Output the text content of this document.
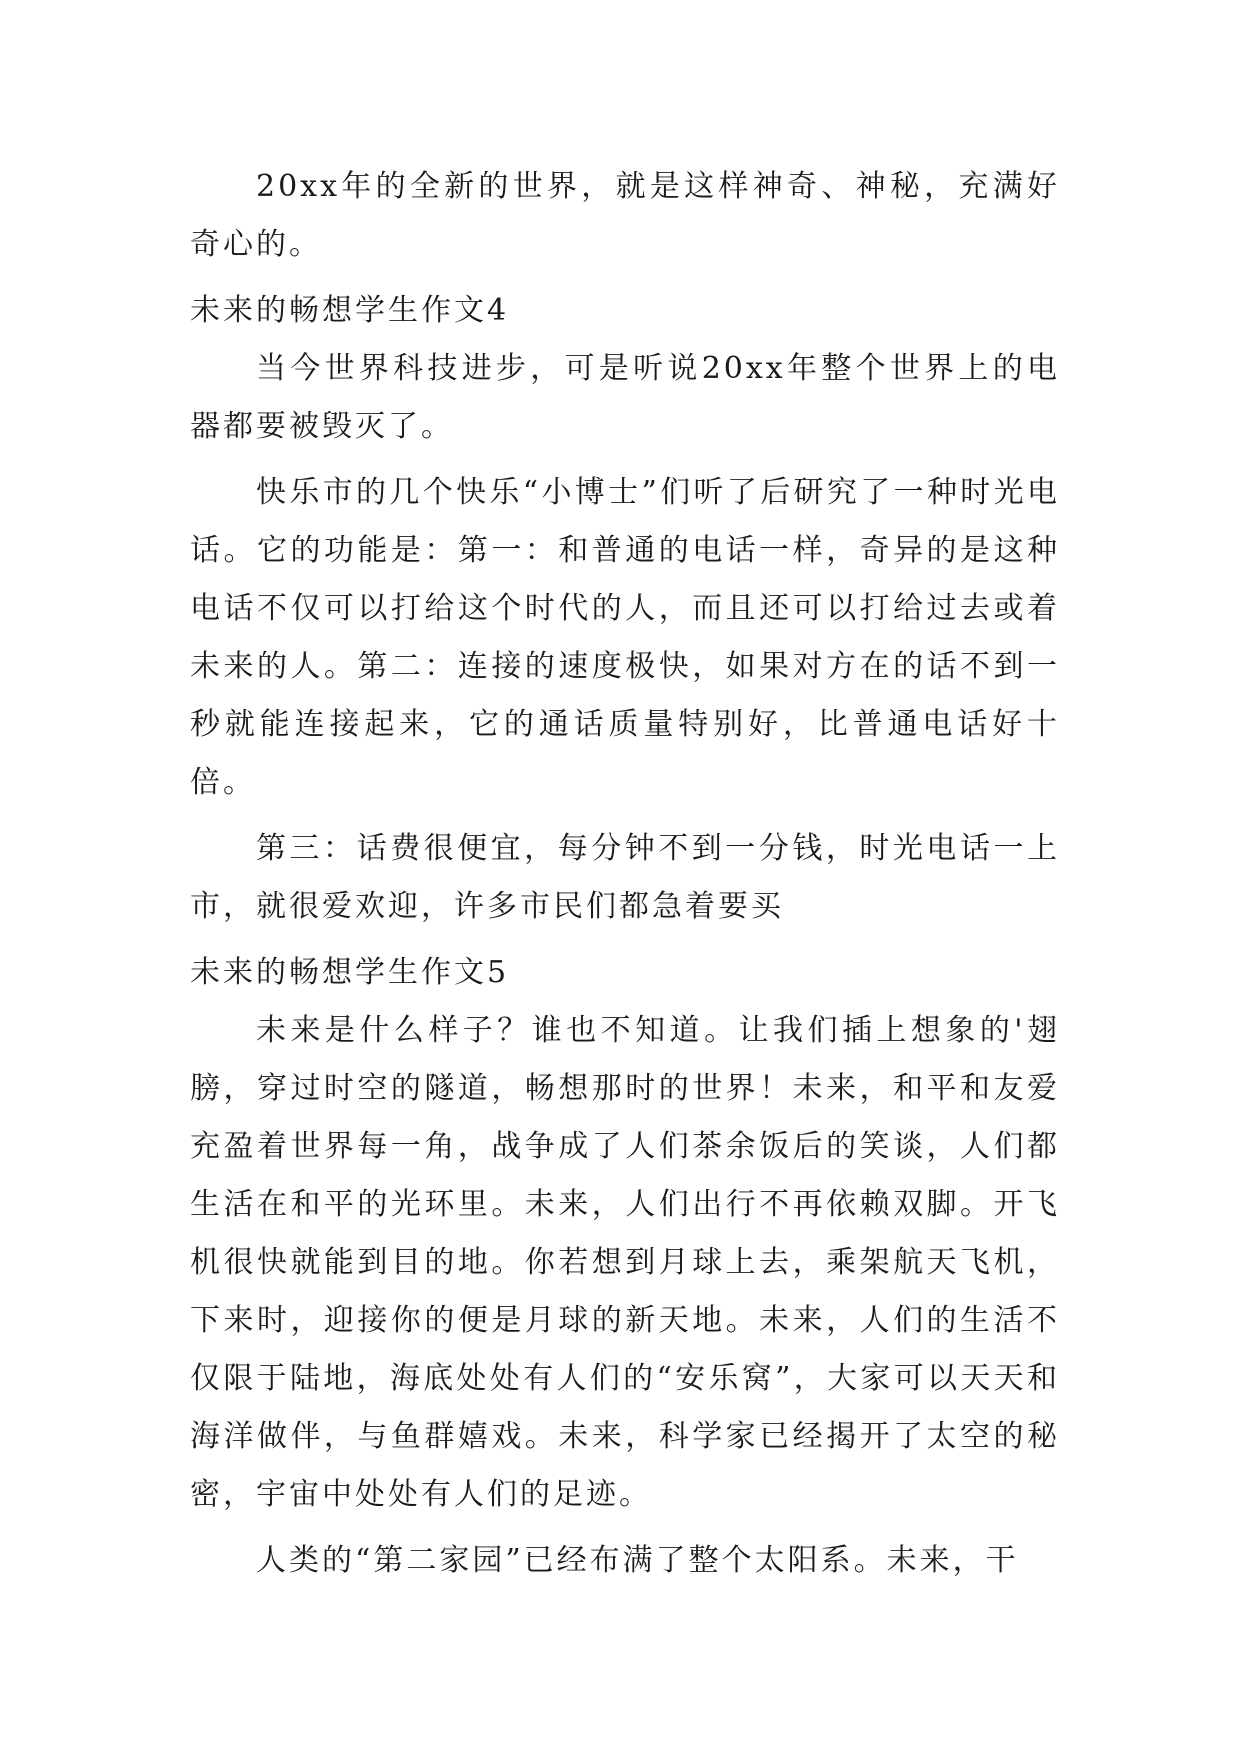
20xx年的全新的世界，就是这样神奇、神秘，充满好奇心的。

未来的畅想学生作文4

当今世界科技进步，可是听说20xx年整个世界上的电器都要被毁灭了。

快乐市的几个快乐“小博士”们听了后研究了一种时光电话。它的功能是：第一：和普通的电话一样，奇异的是这种电话不仅可以打给这个时代的人，而且还可以打给过去或着未来的人。第二：连接的速度极快，如果对方在的话不到一秒就能连接起来，它的通话质量特别好，比普通电话好十倍。

第三：话费很便宜，每分钟不到一分钱，时光电话一上市，就很爱欢迎，许多市民们都急着要买

未来的畅想学生作文5

未来是什么样子？谁也不知道。让我们插上想象的'翅膀，穿过时空的隧道，畅想那时的世界！未来，和平和友爱充盈着世界每一角，战争成了人们茶余饭后的笑谈，人们都生活在和平的光环里。未来，人们出行不再依赖双脚。开飞机很快就能到目的地。你若想到月球上去，乘架航天飞机，下来时，迎接你的便是月球的新天地。未来，人们的生活不仅限于陆地，海底处处有人们的“安乐窝”，大家可以天天和海洋做伴，与鱼群嬉戏。未来，科学家已经揭开了太空的秘密，宇宙中处处有人们的足迹。

人类的“第二家园”已经布满了整个太阳系。未来，干
